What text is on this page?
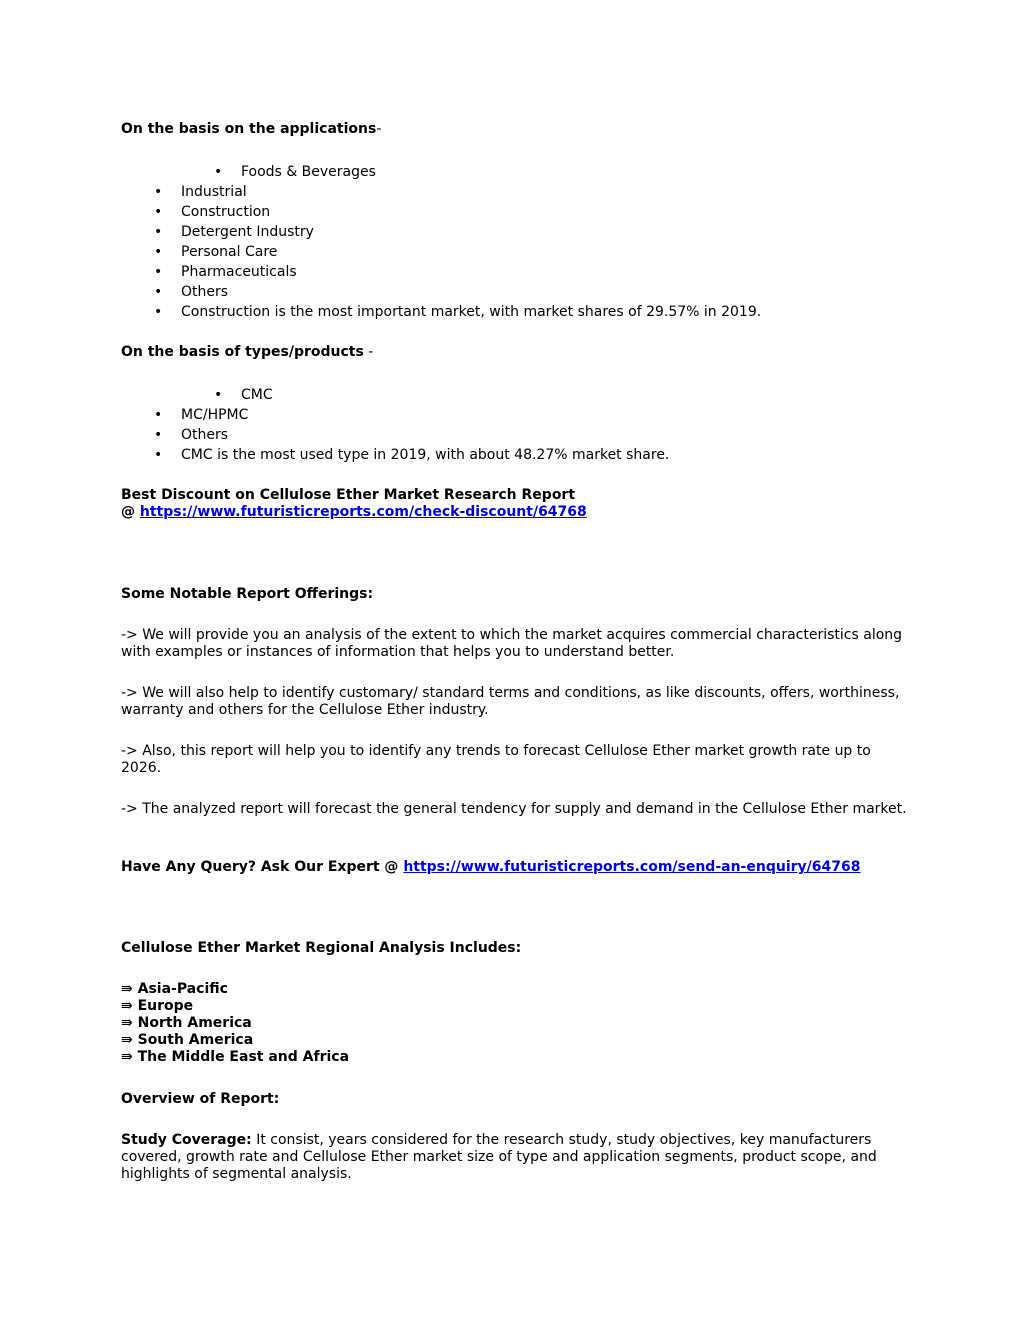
On the basis on the applications-
• Foods & Beverages
• Industrial
• Construction
• Detergent Industry
• Personal Care
• Pharmaceuticals
• Others
• Construction is the most important market, with market shares of 29.57% in 2019.
On the basis of types/products -
• CMC
• MC/HPMC
• Others
• CMC is the most used type in 2019, with about 48.27% market share.
Best Discount on Cellulose Ether Market Research Report
@ https://www.futuristicreports.com/check-discount/64768
Some Notable Report Offerings:
-> We will provide you an analysis of the extent to which the market acquires commercial characteristics along with examples or instances of information that helps you to understand better.
-> We will also help to identify customary/ standard terms and conditions, as like discounts, offers, worthiness, warranty and others for the Cellulose Ether industry.
-> Also, this report will help you to identify any trends to forecast Cellulose Ether market growth rate up to 2026.
-> The analyzed report will forecast the general tendency for supply and demand in the Cellulose Ether market.
Have Any Query? Ask Our Expert @ https://www.futuristicreports.com/send-an-enquiry/64768
Cellulose Ether Market Regional Analysis Includes:
⇛ Asia-Pacific
⇛ Europe
⇛ North America
⇛ South America
⇛ The Middle East and Africa
Overview of Report:
Study Coverage: It consist, years considered for the research study, study objectives, key manufacturers covered, growth rate and Cellulose Ether market size of type and application segments, product scope, and highlights of segmental analysis.
